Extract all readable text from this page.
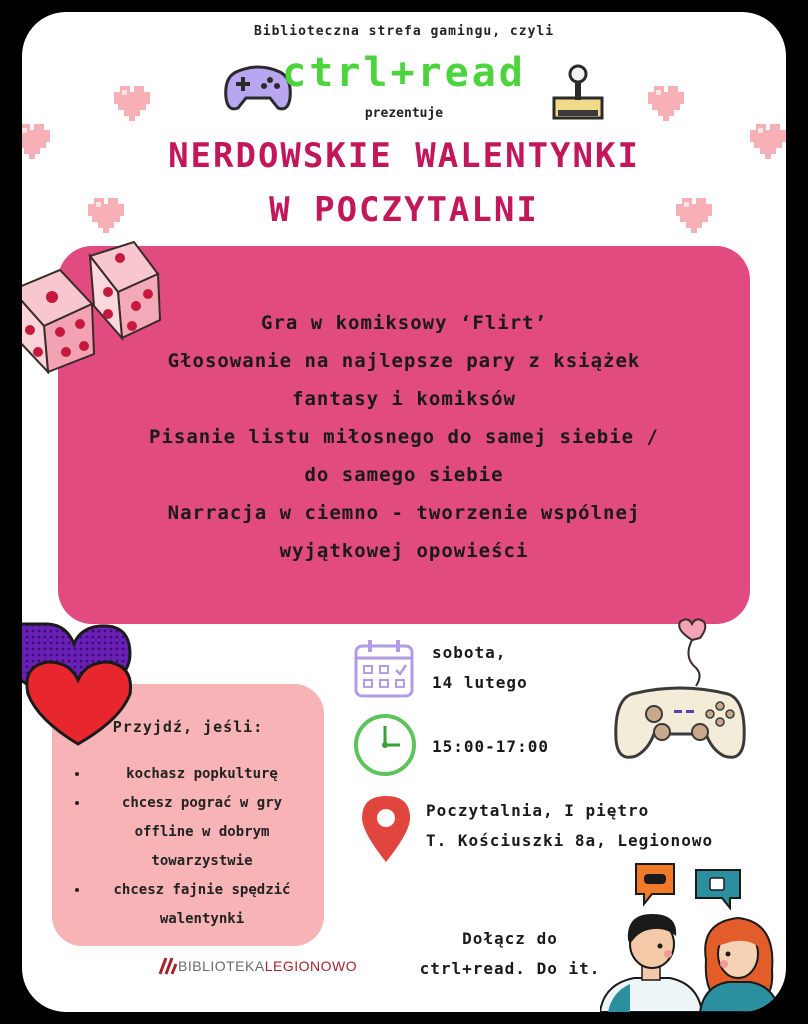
Biblioteczna strefa gamingu, czyli
ctrl+read
prezentuje
NERDOWSKIE WALENTYNKI
W POCZYTALNI
Gra w komiksowy ‘Flirt’
Głosowanie na najlepsze pary z książek
fantasy i komiksów
Pisanie listu miłosnego do samej siebie /
do samego siebie
Narracja w ciemno - tworzenie wspólnej
wyjątkowej opowieści
Przyjdź, jeśli:
• kochasz popkulturę
• chcesz pograć w gry offline w dobrym towarzystwie
• chcesz fajnie spędzić walentynki
sobota,
14 lutego
15:00-17:00
Poczytalnia, I piętro
T. Kościuszki 8a, Legionowo
BIBLIOTEKALEGIONOWO
Dołącz do
ctrl+read. Do it.
